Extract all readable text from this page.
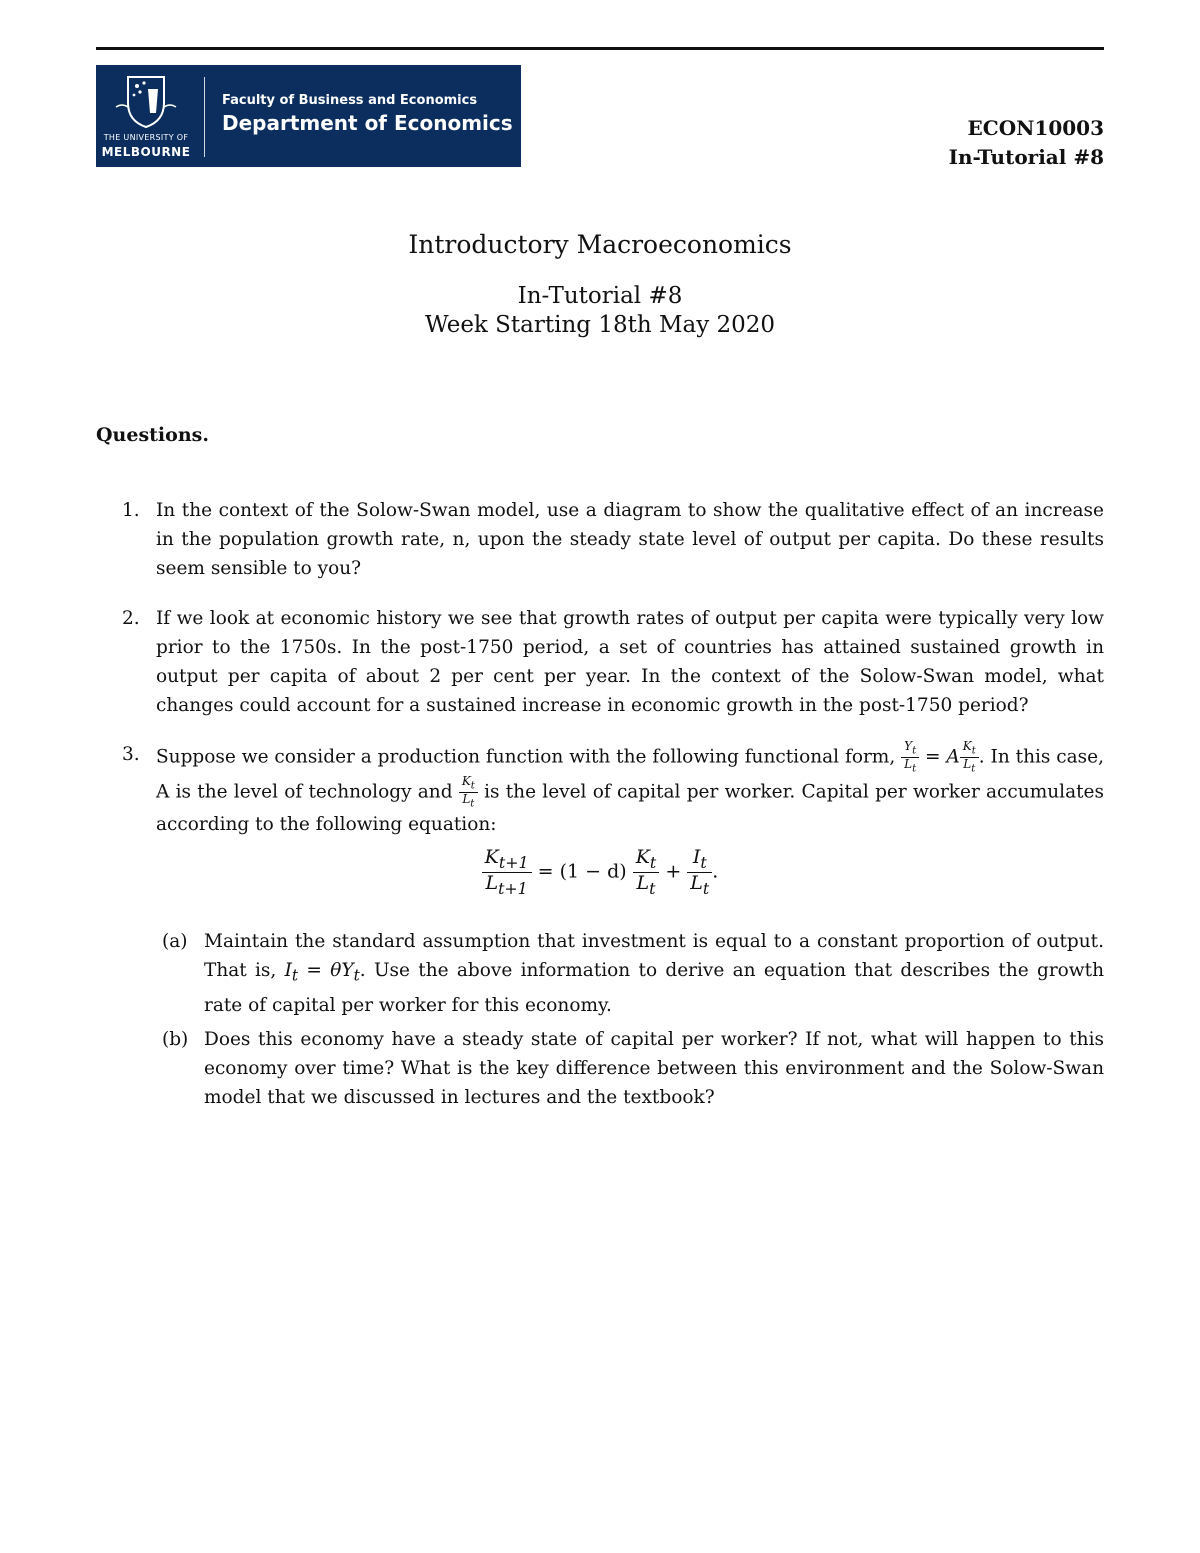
THE UNIVERSITY OF
MELBOURNE
Faculty of Business and Economics
Department of Economics	ECON10003
In-Tutorial #8
Introductory Macroeconomics
In-Tutorial #8
Week Starting 18th May 2020
Questions.
1. In the context of the Solow-Swan model, use a diagram to show the qualitative effect of an increase in the population growth rate, n, upon the steady state level of output per capita. Do these results seem sensible to you?
2. If we look at economic history we see that growth rates of output per capita were typically very low prior to the 1750s. In the post-1750 period, a set of countries has attained sustained growth in output per capita of about 2 per cent per year. In the context of the Solow-Swan model, what changes could account for a sustained increase in economic growth in the post-1750 period?
3. Suppose we consider a production function with the following functional form, $\frac{Y_t}{L_t} = A \frac{K_t}{L_t}$ . In this case, A is the level of technology and $\frac{K_t}{L_t}$ is the level of capital per worker. Capital per worker accumulates according to the following equation:
$\frac{K_{t+1}}{L_{t+1}} = (1 - d) \frac{K_t}{L_t} + \frac{I_t}{L_t}$ .
(a) Maintain the standard assumption that investment is equal to a constant proportion of output. That is, $I_t = \theta Y_t$. Use the above information to derive an equation that describes the growth rate of capital per worker for this economy.
(b) Does this economy have a steady state of capital per worker? If not, what will happen to this economy over time? What is the key difference between this environment and the Solow-Swan model that we discussed in lectures and the textbook?
